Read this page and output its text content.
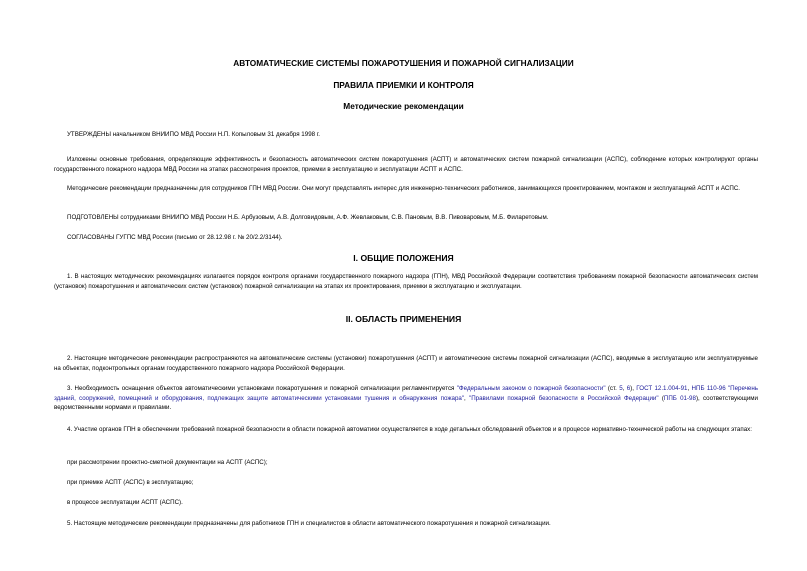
АВТОМАТИЧЕСКИЕ СИСТЕМЫ ПОЖАРОТУШЕНИЯ И ПОЖАРНОЙ СИГНАЛИЗАЦИИ
ПРАВИЛА ПРИЕМКИ И КОНТРОЛЯ
Методические рекомендации
УТВЕРЖДЕНЫ начальником ВНИИПО МВД России Н.П. Копыловым 31 декабря 1998 г.
Изложены основные требования, определяющие эффективность и безопасность автоматических систем пожаротушения (АСПТ) и автоматических систем пожарной сигнализации (АСПС), соблюдение которых контролируют органы государственного пожарного надзора МВД России на этапах рассмотрения проектов, приемки в эксплуатацию и эксплуатации АСПТ и АСПС.
Методические рекомендации предназначены для сотрудников ГПН МВД России. Они могут представлять интерес для инженерно-технических работников, занимающихся проектированием, монтажом и эксплуатацией АСПТ и АСПС.
ПОДГОТОВЛЕНЫ сотрудниками ВНИИПО МВД России Н.Б. Арбузовым, А.В. Долговидовым, А.Ф. Жевлаковым, С.В. Пановым, В.В. Пивоваровым, М.Б. Филаретовым.
СОГЛАСОВАНЫ ГУГПС МВД России (письмо от 28.12.98 г. № 20/2.2/3144).
I. ОБЩИЕ ПОЛОЖЕНИЯ
1. В настоящих методических рекомендациях излагается порядок контроля органами государственного пожарного надзора (ГПН), МВД Российской Федерации соответствия требованиям пожарной безопасности автоматических систем (установок) пожаротушения и автоматических систем (установок) пожарной сигнализации на этапах их проектирования, приемки в эксплуатацию и эксплуатации.
II. ОБЛАСТЬ ПРИМЕНЕНИЯ
2. Настоящие методические рекомендации распространяются на автоматические системы (установки) пожаротушения (АСПТ) и автоматические системы пожарной сигнализации (АСПС), вводимые в эксплуатацию или эксплуатируемые на объектах, подконтрольных органам государственного пожарного надзора Российской Федерации.
3. Необходимость оснащения объектов автоматическими установками пожаротушения и пожарной сигнализации регламентируется "Федеральным законом о пожарной безопасности" (ст. 5, 6), ГОСТ 12.1.004-91, НПБ 110-96 "Перечень зданий, сооружений, помещений и оборудования, подлежащих защите автоматическими установками тушения и обнаружения пожара", "Правилами пожарной безопасности в Российской Федерации" (ППБ 01-98), соответствующими ведомственными нормами и правилами.
4. Участие органов ГПН в обеспечении требований пожарной безопасности в области пожарной автоматики осуществляется в ходе детальных обследований объектов и в процессе нормативно-технической работы на следующих этапах:
при рассмотрении проектно-сметной документации на АСПТ (АСПС);
при приемке АСПТ (АСПС) в эксплуатацию;
в процессе эксплуатации АСПТ (АСПС).
5. Настоящие методические рекомендации предназначены для работников ГПН и специалистов в области автоматического пожаротушения и пожарной сигнализации.
